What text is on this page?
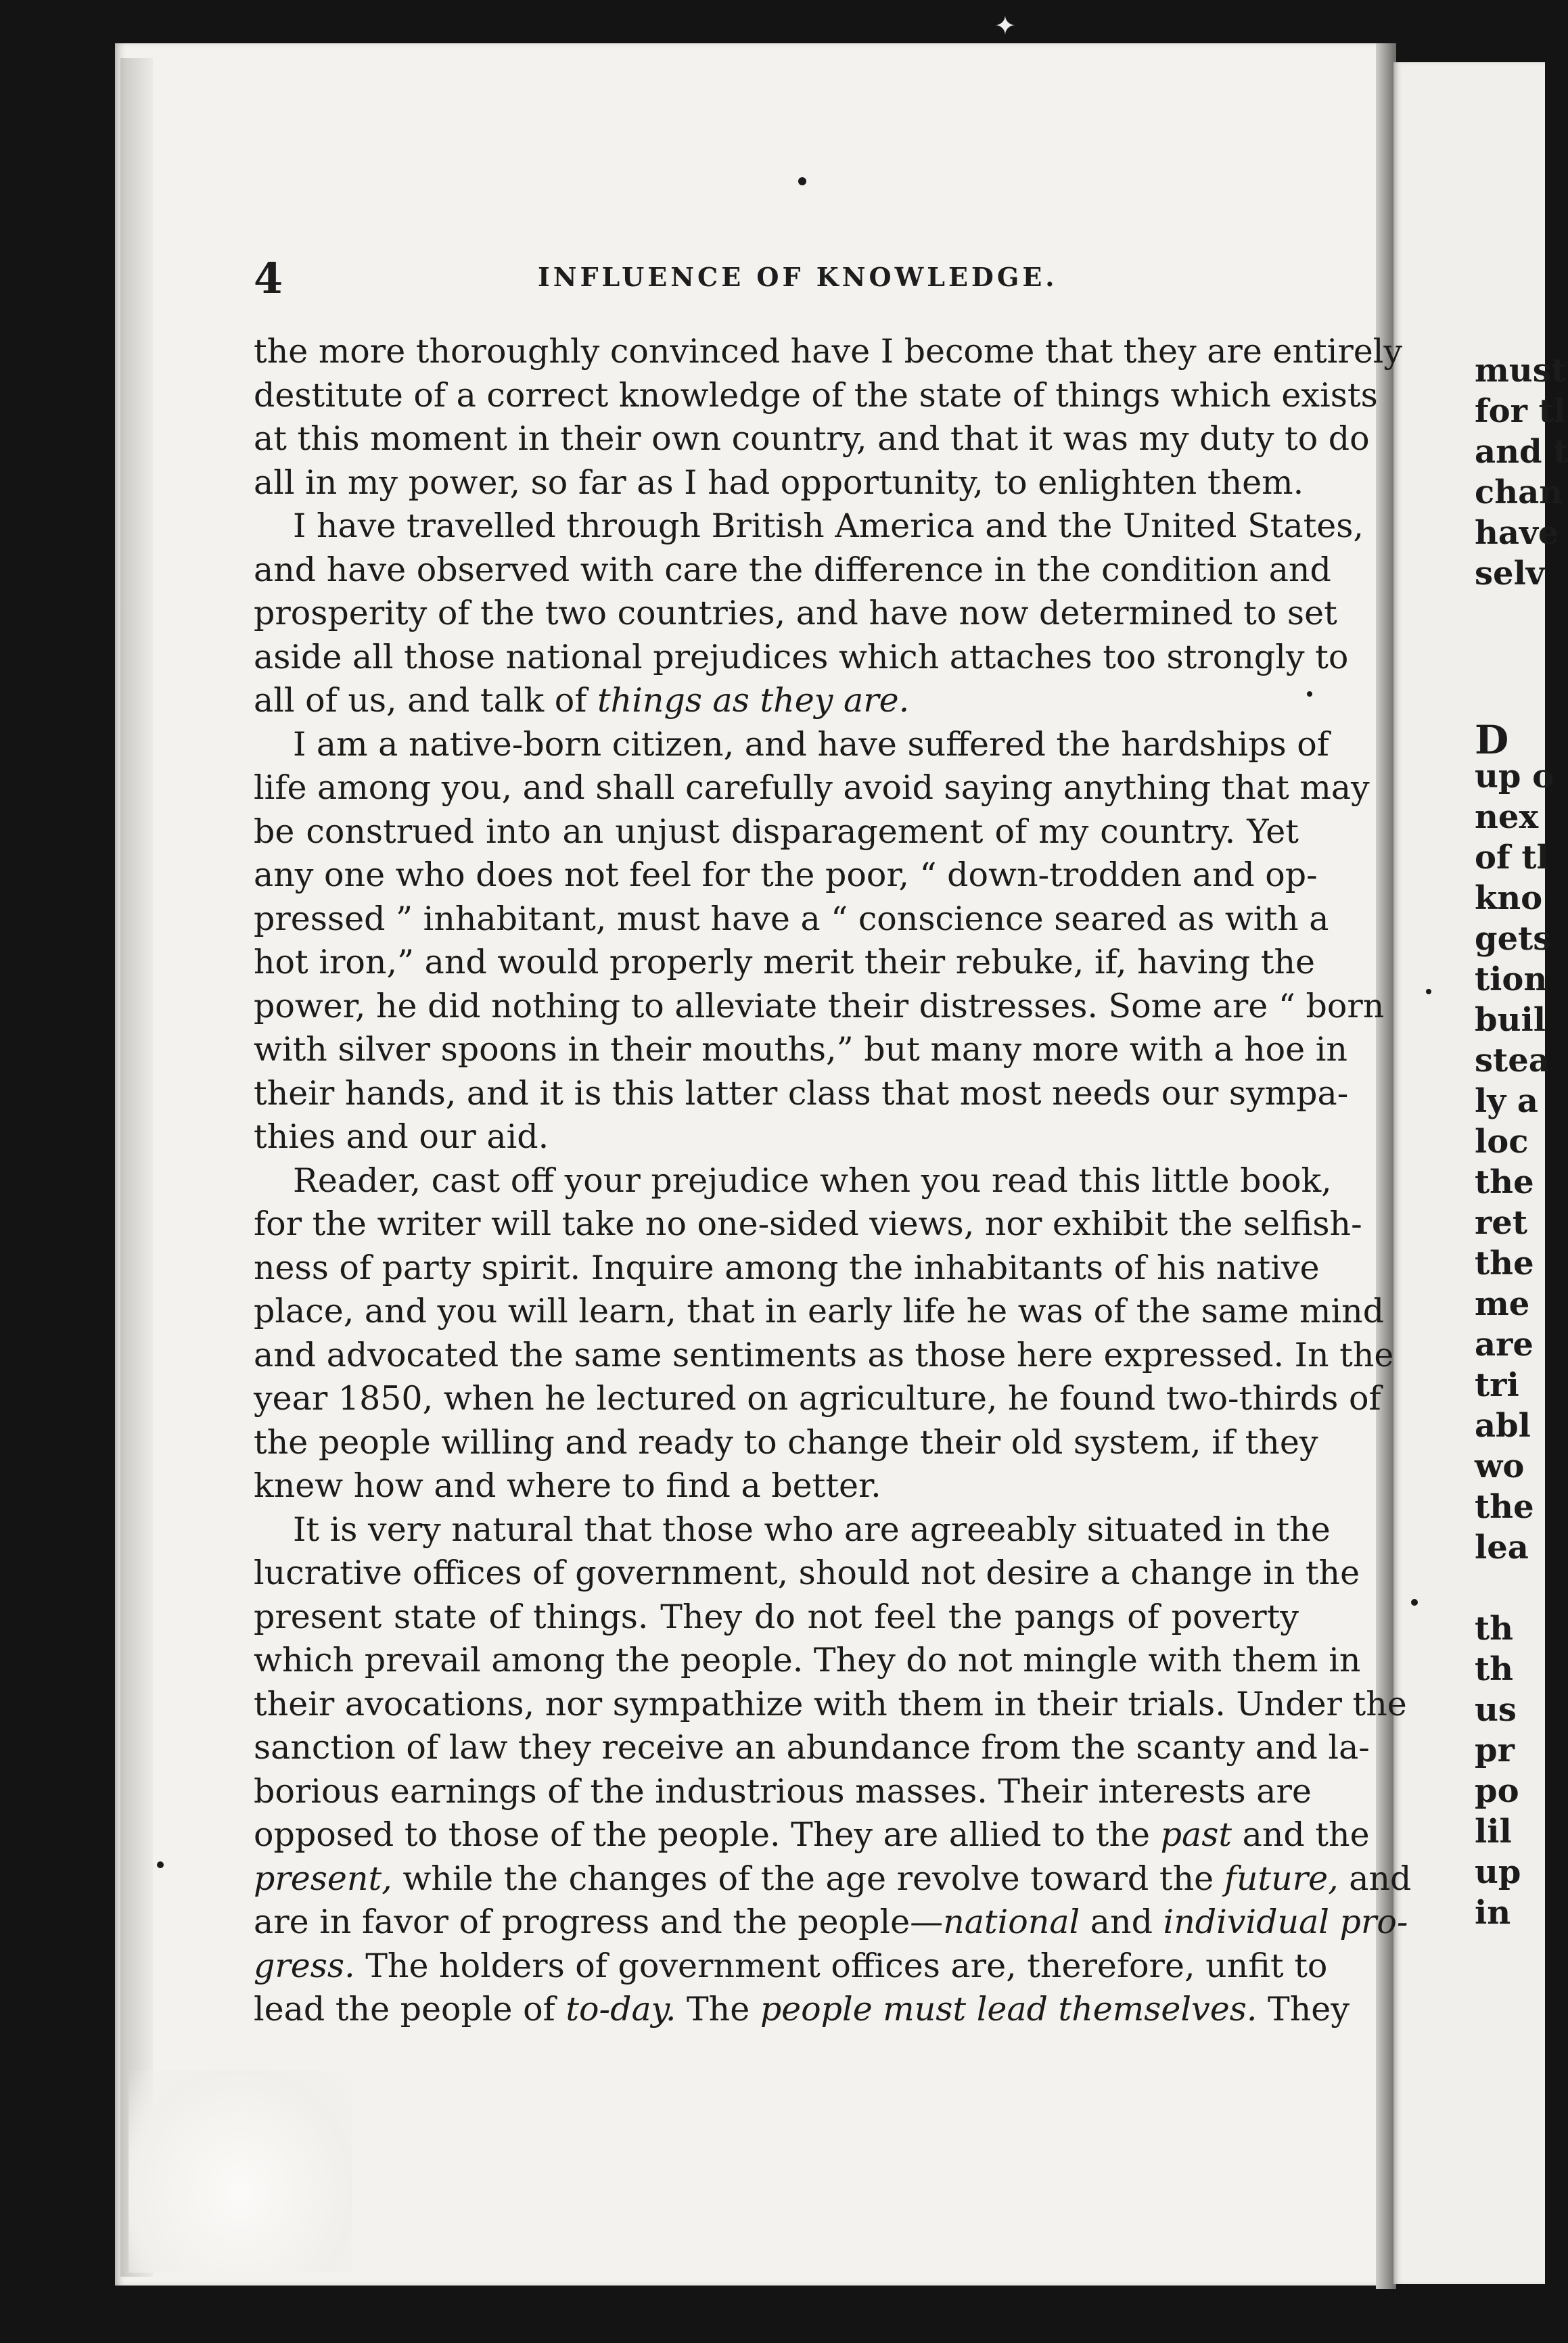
✦
4	INFLUENCE OF KNOWLEDGE.
the more thoroughly convinced have I become that they are entirely
destitute of a correct knowledge of the state of things which exists
at this moment in their own country, and that it was my duty to do
all in my power, so far as I had opportunity, to enlighten them.
I have travelled through British America and the United States,
and have observed with care the difference in the condition and
prosperity of the two countries, and have now determined to set
aside all those national prejudices which attaches too strongly to
all of us, and talk of things as they are.
I am a native-born citizen, and have suffered the hardships of
life among you, and shall carefully avoid saying anything that may
be construed into an unjust disparagement of my country. Yet
any one who does not feel for the poor, “ down-trodden and op-
pressed ” inhabitant, must have a “ conscience seared as with a
hot iron,” and would properly merit their rebuke, if, having the
power, he did nothing to alleviate their distresses. Some are “ born
with silver spoons in their mouths,” but many more with a hoe in
their hands, and it is this latter class that most needs our sympa-
thies and our aid.
Reader, cast off your prejudice when you read this little book,
for the writer will take no one-sided views, nor exhibit the selfish-
ness of party spirit. Inquire among the inhabitants of his native
place, and you will learn, that in early life he was of the same mind
and advocated the same sentiments as those here expressed. In the
year 1850, when he lectured on agriculture, he found two-thirds of
the people willing and ready to change their old system, if they
knew how and where to find a better.
It is very natural that those who are agreeably situated in the
lucrative offices of government, should not desire a change in the
present state of things. They do not feel the pangs of poverty
which prevail among the people. They do not mingle with them in
their avocations, nor sympathize with them in their trials. Under the
sanction of law they receive an abundance from the scanty and la-
borious earnings of the industrious masses. Their interests are
opposed to those of the people. They are allied to the past and the
present, while the changes of the age revolve toward the future, and
are in favor of progress and the people—national and individual pro-
gress. The holders of government offices are, therefore, unfit to
lead the people of to-day. The people must lead themselves. They
must
for tl
and t
chan
have
selv
D
up o
nex
of tl
kno
gets
tion
buil
stea
ly a
loc
the
ret
the
me
are
tri
abl
wo
the
lea
th
th
us
pr
po
lil
up
in
